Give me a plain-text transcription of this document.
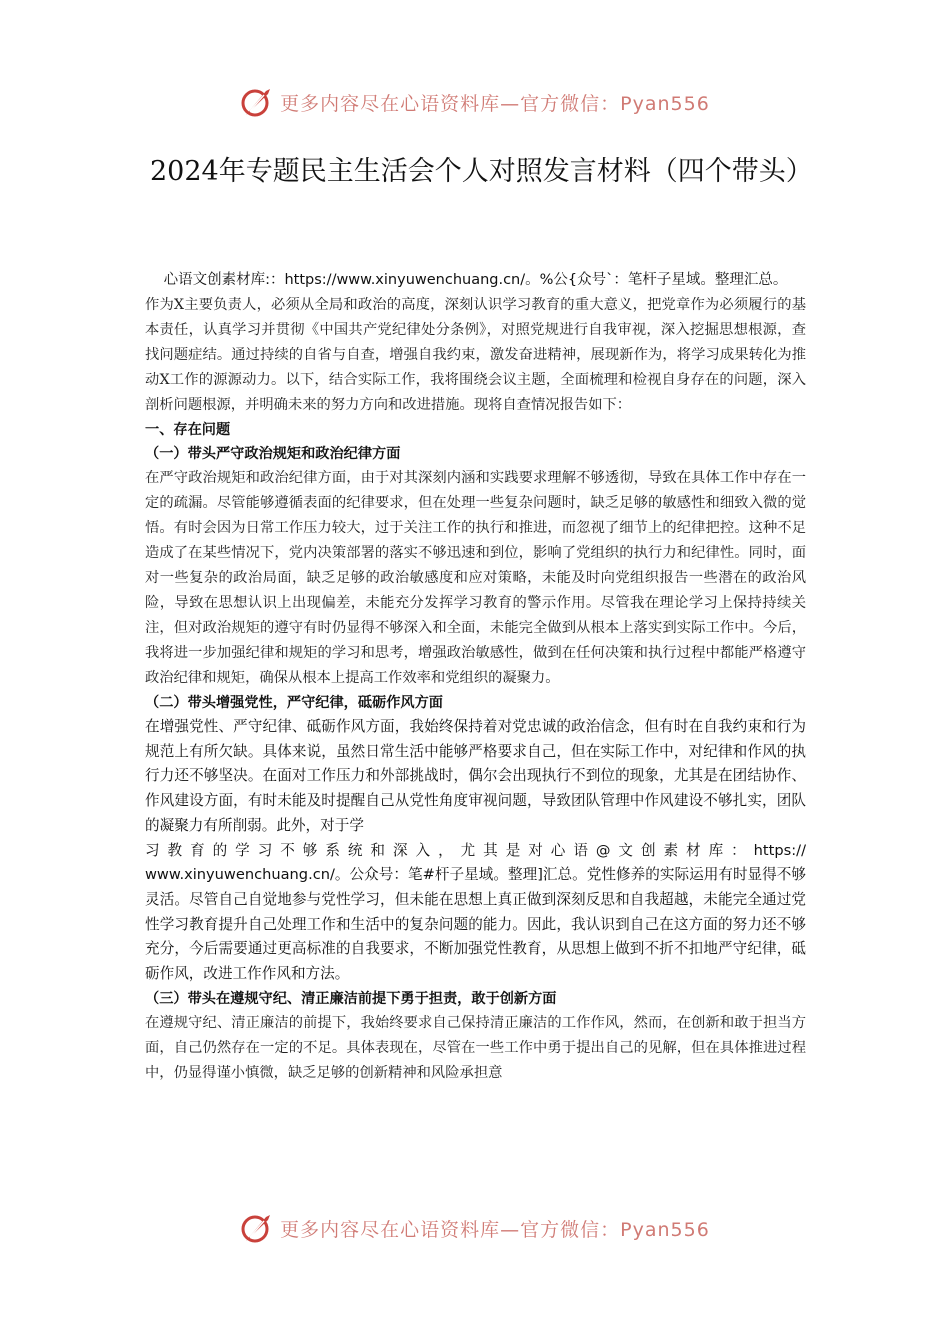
更多内容尽在心语资料库—官方微信：Pyan556
2024年专题民主生活会个人对照发言材料（四个带头）

心语文创素材库:：https://www.xinyuwenchuang.cn/。%公{众号`：笔杆子星域。整理汇总。

作为X主要负责人，必须从全局和政治的高度，深刻认识学习教育的重大意义，把党章作为必须履行的基本责任，认真学习并贯彻《中国共产党纪律处分条例》，对照党规进行自我审视，深入挖掘思想根源，查找问题症结。通过持续的自省与自查，增强自我约束，激发奋进精神，展现新作为，将学习成果转化为推动X工作的源源动力。以下，结合实际工作，我将围绕会议主题，全面梳理和检视自身存在的问题，深入剖析问题根源，并明确未来的努力方向和改进措施。现将自查情况报告如下：

一、存在问题

（一）带头严守政治规矩和政治纪律方面

在严守政治规矩和政治纪律方面，由于对其深刻内涵和实践要求理解不够透彻，导致在具体工作中存在一定的疏漏。尽管能够遵循表面的纪律要求，但在处理一些复杂问题时，缺乏足够的敏感性和细致入微的觉悟。有时会因为日常工作压力较大，过于关注工作的执行和推进，而忽视了细节上的纪律把控。这种不足造成了在某些情况下，党内决策部署的落实不够迅速和到位，影响了党组织的执行力和纪律性。同时，面对一些复杂的政治局面，缺乏足够的政治敏感度和应对策略，未能及时向党组织报告一些潜在的政治风险，导致在思想认识上出现偏差，未能充分发挥学习教育的警示作用。尽管我在理论学习上保持持续关注，但对政治规矩的遵守有时仍显得不够深入和全面，未能完全做到从根本上落实到实际工作中。今后，我将进一步加强纪律和规矩的学习和思考，增强政治敏感性，做到在任何决策和执行过程中都能严格遵守政治纪律和规矩，确保从根本上提高工作效率和党组织的凝聚力。

（二）带头增强党性，严守纪律，砥砺作风方面

在增强党性、严守纪律、砥砺作风方面，我始终保持着对党忠诚的政治信念，但有时在自我约束和行为规范上有所欠缺。具体来说，虽然日常生活中能够严格要求自己，但在实际工作中，对纪律和作风的执行力还不够坚决。在面对工作压力和外部挑战时，偶尔会出现执行不到位的现象，尤其是在团结协作、作风建设方面，有时未能及时提醒自己从党性角度审视问题，导致团队管理中作风建设不够扎实，团队的凝聚力有所削弱。此外，对于学
习教育的学习不够系统和深入，尤其是对心语@文创素材库：https://
www.xinyuwenchuang.cn/。公众号：笔#杆子星域。整理]汇总。党性修养的实际运用有时显得不够灵活。尽管自己自觉地参与党性学习，但未能在思想上真正做到深刻反思和自我超越，未能完全通过党性学习教育提升自己处理工作和生活中的复杂问题的能力。因此，我认识到自己在这方面的努力还不够充分，今后需要通过更高标准的自我要求，不断加强党性教育，从思想上做到不折不扣地严守纪律，砥砺作风，改进工作作风和方法。

（三）带头在遵规守纪、清正廉洁前提下勇于担责，敢于创新方面

在遵规守纪、清正廉洁的前提下，我始终要求自己保持清正廉洁的工作作风，然而，在创新和敢于担当方面，自己仍然存在一定的不足。具体表现在，尽管在一些工作中勇于提出自己的见解，但在具体推进过程中，仍显得谨小慎微，缺乏足够的创新精神和风险承担意

更多内容尽在心语资料库—官方微信：Pyan556
